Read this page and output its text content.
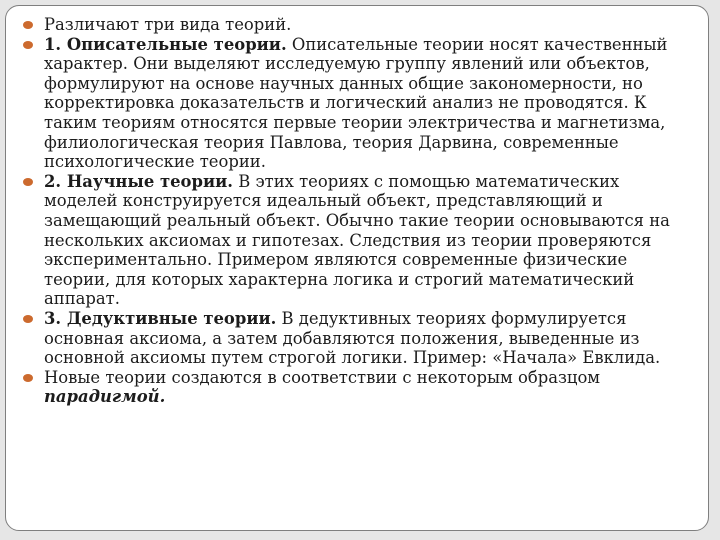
Различают три вида теорий.

1. Описательные теории. Описательные теории носят качественный характер. Они выделяют исследуемую группу явлений или объектов, формулируют на основе научных данных общие закономерности, но корректировка доказательств и логический анализ не проводятся. К таким теориям относятся первые теории электричества и магнетизма, филиологическая теория Павлова, теория Дарвина, современные психологические теории.

2. Научные теории. В этих теориях с помощью математических моделей конструируется идеальный объект, представляющий и замещающий реальный объект. Обычно такие теории основываются на нескольких аксиомах и гипотезах. Следствия из теории проверяются экспериментально. Примером являются современные физические теории, для которых характерна логика и строгий математический аппарат.

3. Дедуктивные теории. В дедуктивных теориях формулируется основная аксиома, а затем добавляются положения, выведенные из основной аксиомы путем строгой логики. Пример: «Начала» Евклида.

Новые теории создаются в соответствии с некоторым образцом парадигмой.
